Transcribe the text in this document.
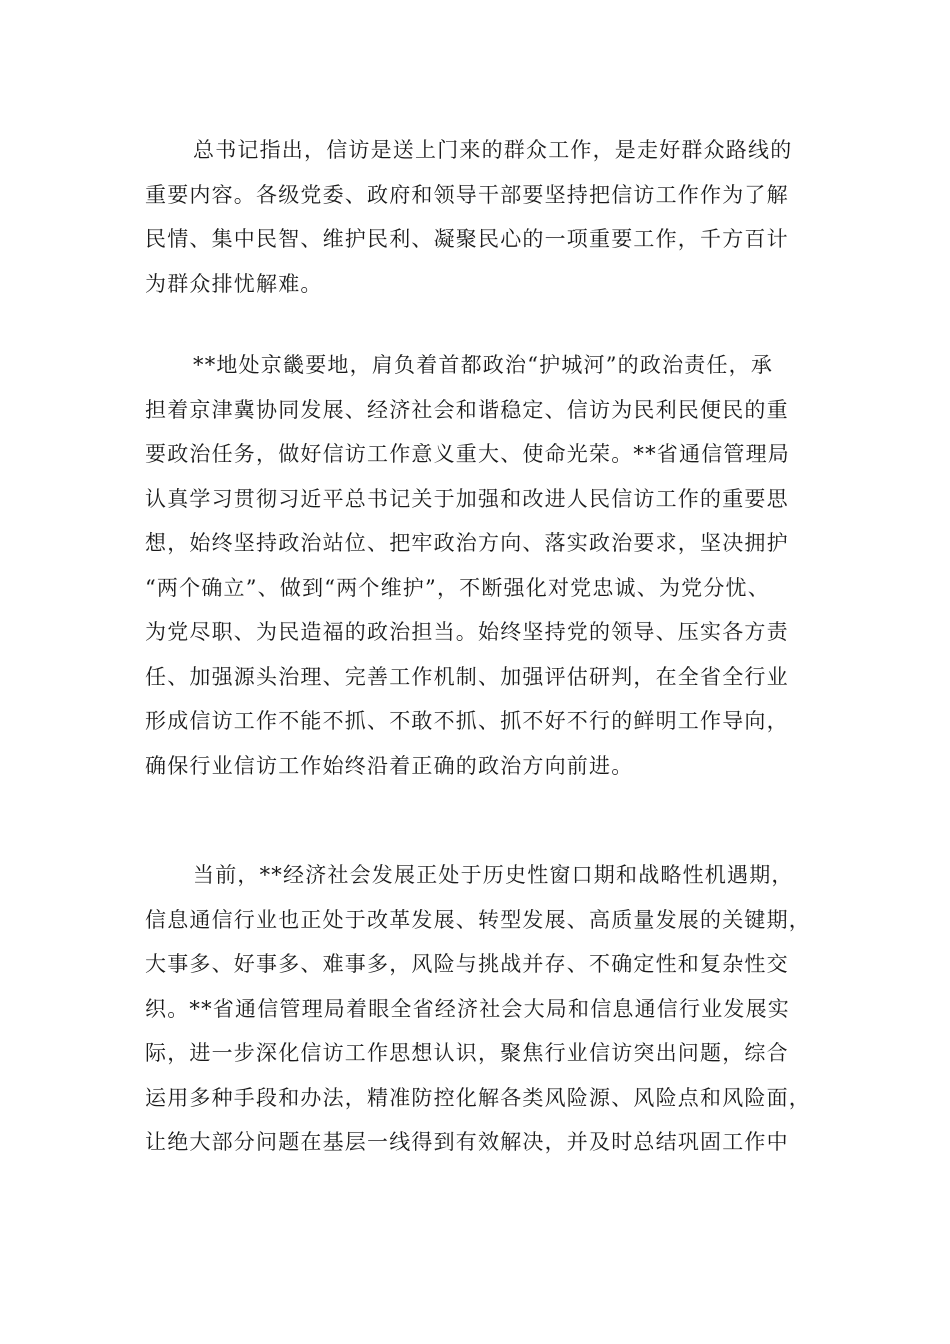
总书记指出，信访是送上门来的群众工作，是走好群众路线的
重要内容。各级党委、政府和领导干部要坚持把信访工作作为了解
民情、集中民智、维护民利、凝聚民心的一项重要工作，千方百计
为群众排忧解难。
**地处京畿要地，肩负着首都政治“护城河”的政治责任，承
担着京津冀协同发展、经济社会和谐稳定、信访为民利民便民的重
要政治任务，做好信访工作意义重大、使命光荣。**省通信管理局
认真学习贯彻习近平总书记关于加强和改进人民信访工作的重要思
想，始终坚持政治站位、把牢政治方向、落实政治要求，坚决拥护
“两个确立”、做到“两个维护”，不断强化对党忠诚、为党分忧、
为党尽职、为民造福的政治担当。始终坚持党的领导、压实各方责
任、加强源头治理、完善工作机制、加强评估研判，在全省全行业
形成信访工作不能不抓、不敢不抓、抓不好不行的鲜明工作导向，
确保行业信访工作始终沿着正确的政治方向前进。
当前，**经济社会发展正处于历史性窗口期和战略性机遇期，
信息通信行业也正处于改革发展、转型发展、高质量发展的关键期，
大事多、好事多、难事多，风险与挑战并存、不确定性和复杂性交
织。**省通信管理局着眼全省经济社会大局和信息通信行业发展实
际，进一步深化信访工作思想认识，聚焦行业信访突出问题，综合
运用多种手段和办法，精准防控化解各类风险源、风险点和风险面，
让绝大部分问题在基层一线得到有效解决，并及时总结巩固工作中
